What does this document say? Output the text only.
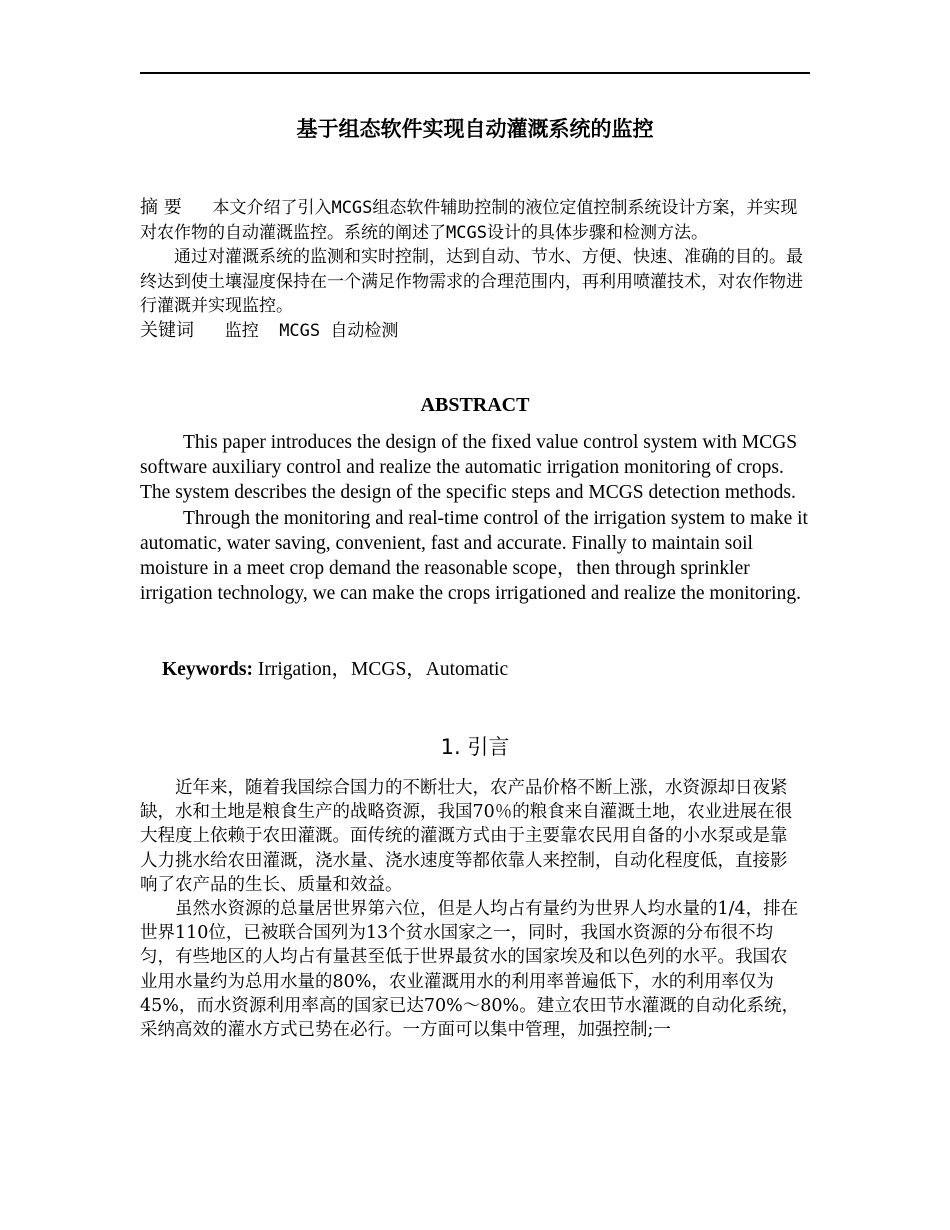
基于组态软件实现自动灌溉系统的监控

摘 要 本文介绍了引入MCGS组态软件辅助控制的液位定值控制系统设计方案，并实现对农作物的自动灌溉监控。系统的阐述了MCGS设计的具体步骤和检测方法。

通过对灌溉系统的监测和实时控制，达到自动、节水、方便、快速、准确的目的。最终达到使土壤湿度保持在一个满足作物需求的合理范围内，再利用喷灌技术，对农作物进行灌溉并实现监控。

关键词 监控  MCGS 自动检测

ABSTRACT

This paper introduces the design of the fixed value control system with MCGS software auxiliary control and realize the automatic irrigation monitoring of crops. The system describes the design of the specific steps and MCGS detection methods.

Through the monitoring and real-time control of the irrigation system to make it automatic, water saving, convenient, fast and accurate. Finally to maintain soil moisture in a meet crop demand the reasonable scope，then through sprinkler irrigation technology, we can make the crops irrigationed and realize the monitoring.

Keywords: Irrigation，MCGS，Automatic
1. 引言

近年来，随着我国综合国力的不断壮大，农产品价格不断上涨，水资源却日夜紧缺，水和土地是粮食生产的战略资源，我国70％的粮食来自灌溉土地，农业进展在很大程度上依赖于农田灌溉。面传统的灌溉方式由于主要靠农民用自备的小水泵或是靠人力挑水给农田灌溉，浇水量、浇水速度等都依靠人来控制，自动化程度低，直接影响了农产品的生长、质量和效益。

虽然水资源的总量居世界第六位，但是人均占有量约为世界人均水量的1/4，排在世界110位，已被联合国列为13个贫水国家之一，同时，我国水资源的分布很不均匀，有些地区的人均占有量甚至低于世界最贫水的国家埃及和以色列的水平。我国农业用水量约为总用水量的80%，农业灌溉用水的利用率普遍低下，水的利用率仅为45%，而水资源利用率高的国家已达70%～80%。建立农田节水灌溉的自动化系统，采纳高效的灌水方式已势在必行。一方面可以集中管理，加强控制;一
